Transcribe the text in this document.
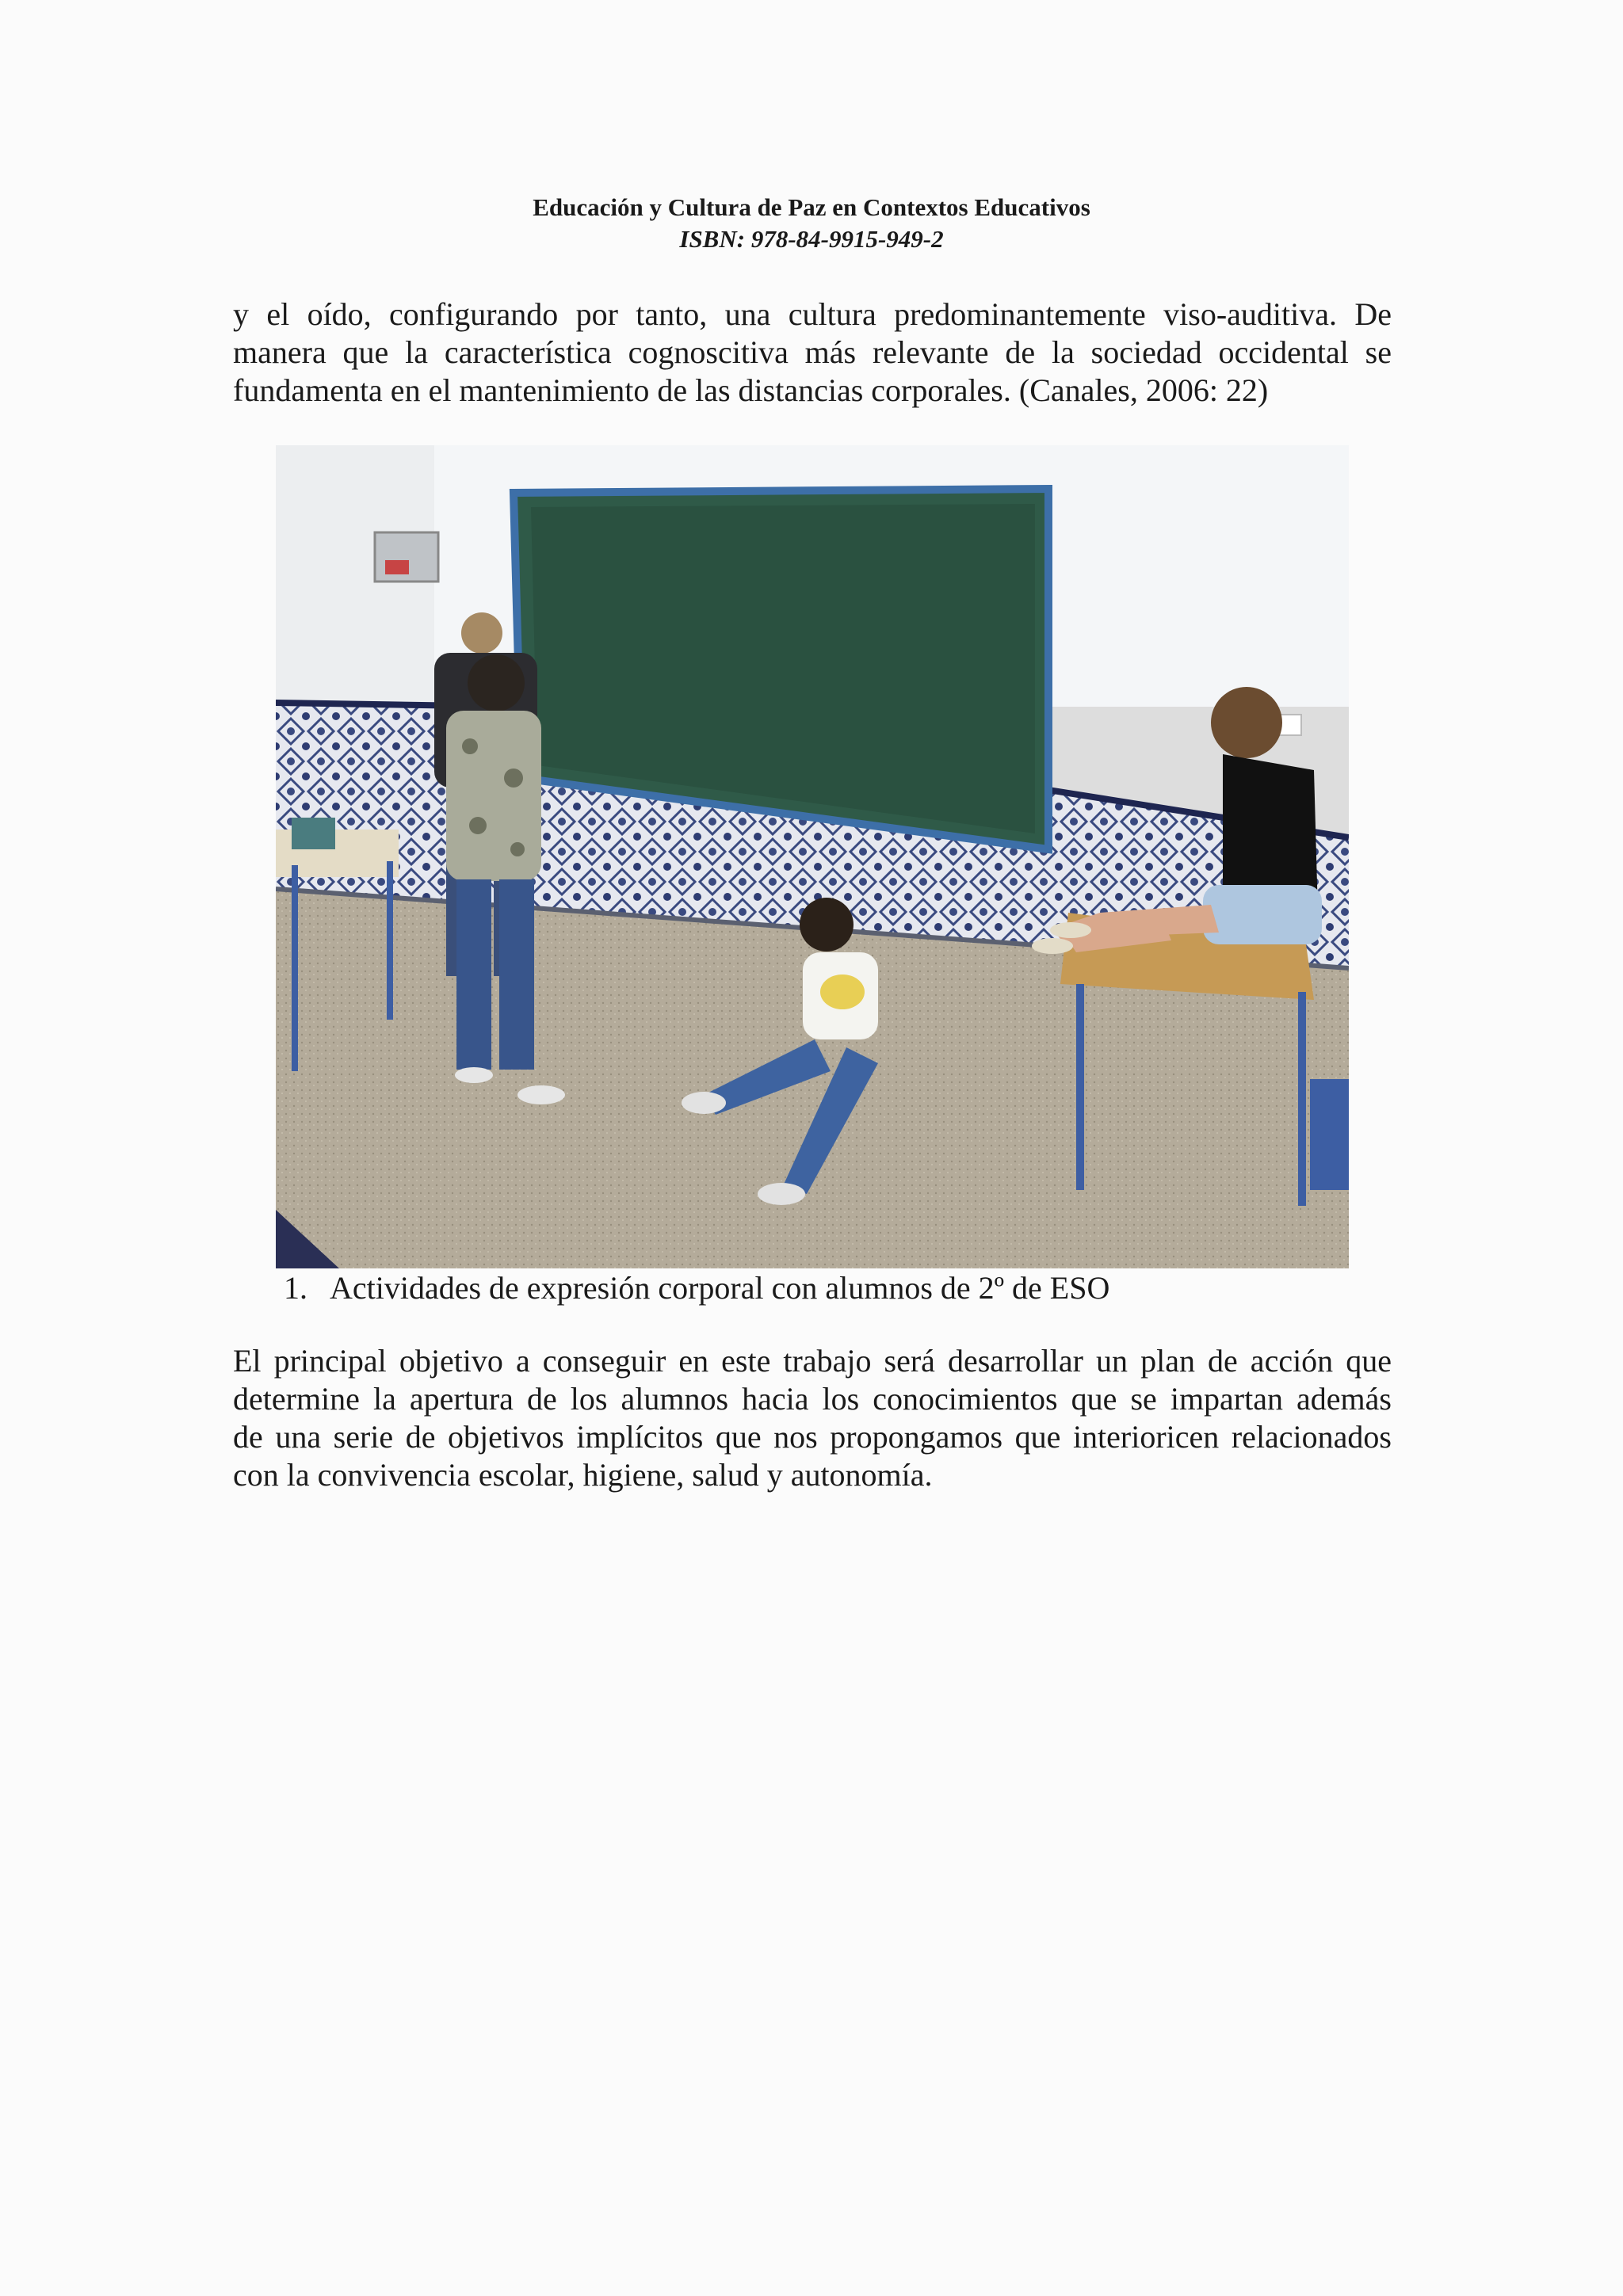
Educación y Cultura de Paz en Contextos Educativos
ISBN: 978-84-9915-949-2
y el oído, configurando por tanto, una cultura predominantemente viso-auditiva. De
manera que la característica cognoscitiva más relevante de la sociedad occidental se
fundamenta en el mantenimiento de las distancias corporales. (Canales, 2006: 22)
1. Actividades de expresión corporal con alumnos de 2º de ESO
El principal objetivo a conseguir en este trabajo será desarrollar un plan de acción que
determine la apertura de los alumnos hacia los conocimientos que se impartan además
de una serie de objetivos implícitos que nos propongamos que interioricen relacionados
con la convivencia escolar, higiene, salud y autonomía.
